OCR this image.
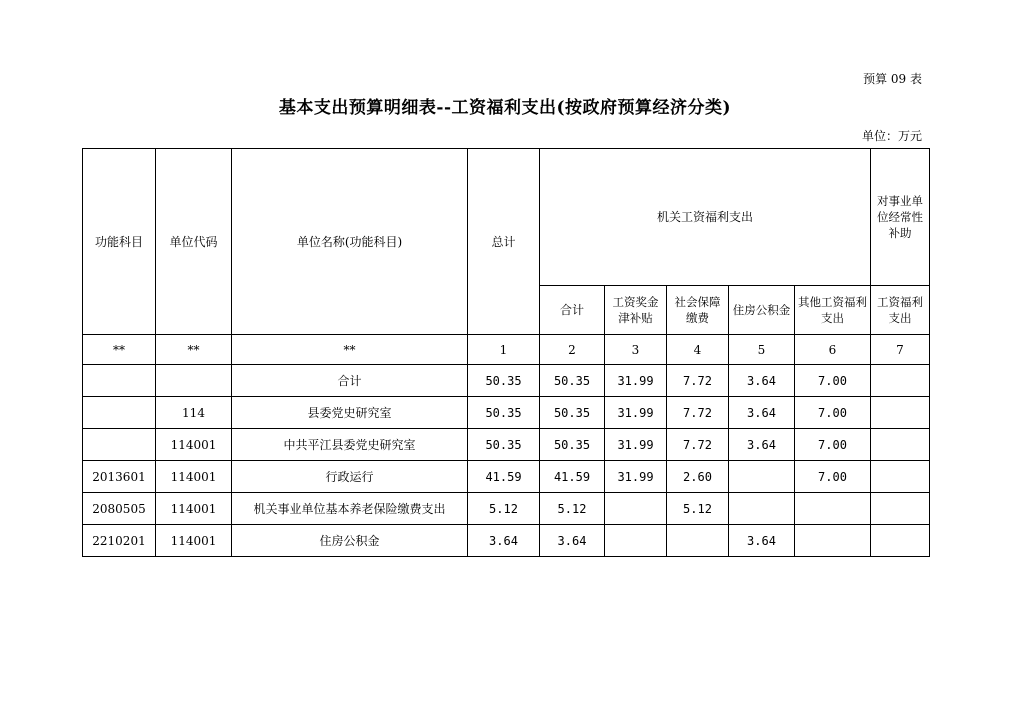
预算 09 表
基本支出预算明细表--工资福利支出(按政府预算经济分类)
单位：万元
功能科目	单位代码	单位名称(功能科目)	总计	机关工资福利支出					对事业单位经常性补助
				合计	工资奖金津补贴	社会保障缴费	住房公积金	其他工资福利支出	工资福利支出
**	**	**	1	2	3	4	5	6	7
		合计	50.35	50.35	31.99	7.72	3.64	7.00	
	114	县委党史研究室	50.35	50.35	31.99	7.72	3.64	7.00	
	114001	中共平江县委党史研究室	50.35	50.35	31.99	7.72	3.64	7.00	
2013601	114001	行政运行	41.59	41.59	31.99	2.60		7.00	
2080505	114001	机关事业单位基本养老保险缴费支出	5.12	5.12		5.12			
2210201	114001	住房公积金	3.64	3.64			3.64		
